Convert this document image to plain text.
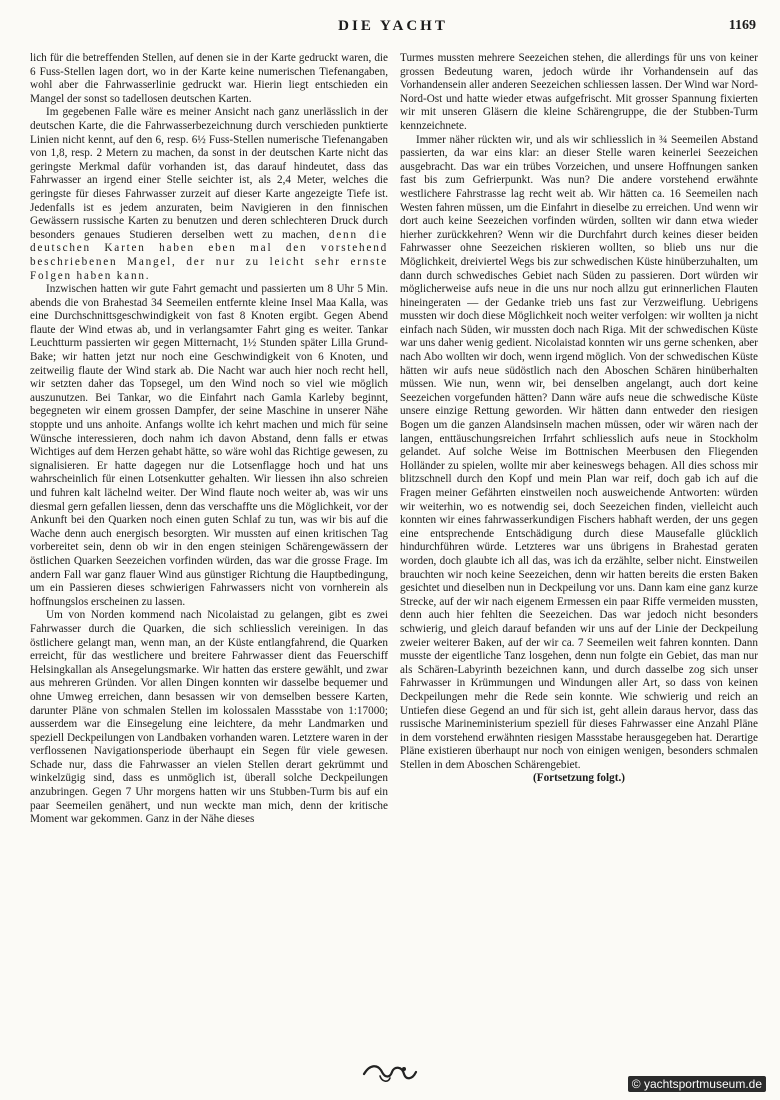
DIE YACHT	1169

lich für die betreffenden Stellen, auf denen sie in der Karte gedruckt waren, die 6 Fuss-Stellen lagen dort, wo in der Karte keine numerischen Tiefenangaben, wohl aber die Fahrwasserlinie gedruckt war. Hierin liegt entschieden ein Mangel der sonst so tadellosen deutschen Karten.

Im gegebenen Falle wäre es meiner Ansicht nach ganz unerlässlich in der deutschen Karte, die die Fahrwasserbezeichnung durch verschieden punktierte Linien nicht kennt, auf den 6, resp. 6½ Fuss-Stellen numerische Tiefenangaben von 1,8, resp. 2 Metern zu machen, da sonst in der deutschen Karte nicht das geringste Merkmal dafür vorhanden ist, das darauf hindeutet, dass das Fahrwasser an irgend einer Stelle seichter ist, als 2,4 Meter, welches die geringste für dieses Fahrwasser zurzeit auf dieser Karte angezeigte Tiefe ist. Jedenfalls ist es jedem anzuraten, beim Navigieren in den finnischen Gewässern russische Karten zu benutzen und deren schlechteren Druck durch besonders genaues Studieren derselben wett zu machen, denn die deutschen Karten haben eben mal den vorstehend beschriebenen Mangel, der nur zu leicht sehr ernste Folgen haben kann.

Inzwischen hatten wir gute Fahrt gemacht und passierten um 8 Uhr 5 Min. abends die von Brahestad 34 Seemeilen entfernte kleine Insel Maa Kalla, was eine Durchschnittsgeschwindigkeit von fast 8 Knoten ergibt. Gegen Abend flaute der Wind etwas ab, und in verlangsamter Fahrt ging es weiter. Tankar Leuchtturm passierten wir gegen Mitternacht, 1½ Stunden später Lilla Grund-Bake; wir hatten jetzt nur noch eine Geschwindigkeit von 6 Knoten, und zeitweilig flaute der Wind stark ab. Die Nacht war auch hier noch recht hell, wir setzten daher das Topsegel, um den Wind noch so viel wie möglich auszunutzen. Bei Tankar, wo die Einfahrt nach Gamla Karleby beginnt, begegneten wir einem grossen Dampfer, der seine Maschine in unserer Nähe stoppte und uns anhoite. Anfangs wollte ich kehrt machen und mich für seine Wünsche interessieren, doch nahm ich davon Abstand, denn falls er etwas Wichtiges auf dem Herzen gehabt hätte, so wäre wohl das Richtige gewesen, zu signalisieren. Er hatte dagegen nur die Lotsenflagge hoch und hat uns wahrscheinlich für einen Lotsenkutter gehalten. Wir liessen ihn also schreien und fuhren kalt lächelnd weiter. Der Wind flaute noch weiter ab, was wir uns diesmal gern gefallen liessen, denn das verschaffte uns die Möglichkeit, vor der Ankunft bei den Quarken noch einen guten Schlaf zu tun, was wir bis auf die Wache denn auch energisch besorgten. Wir mussten auf einen kritischen Tag vorbereitet sein, denn ob wir in den engen steinigen Schärengewässern der östlichen Quarken Seezeichen vorfinden würden, das war die grosse Frage. Im andern Fall war ganz flauer Wind aus günstiger Richtung die Hauptbedingung, um ein Passieren dieses schwierigen Fahrwassers nicht von vornherein als hoffnungslos erscheinen zu lassen.

Um von Norden kommend nach Nicolaistad zu gelangen, gibt es zwei Fahrwasser durch die Quarken, die sich schliesslich vereinigen. In das östlichere gelangt man, wenn man, an der Küste entlangfahrend, die Quarken erreicht, für das westlichere und breitere Fahrwasser dient das Feuerschiff Helsingkallan als Ansegelungsmarke. Wir hatten das erstere gewählt, und zwar aus mehreren Gründen. Vor allen Dingen konnten wir dasselbe bequemer und ohne Umweg erreichen, dann besassen wir von demselben bessere Karten, darunter Pläne von schmalen Stellen im kolossalen Massstabe von 1:17000; ausserdem war die Einsegelung eine leichtere, da mehr Landmarken und speziell Deckpeilungen von Landbaken vorhanden waren. Letztere waren in der verflossenen Navigationsperiode überhaupt ein Segen für viele gewesen. Schade nur, dass die Fahrwasser an vielen Stellen derart gekrümmt und winkelzügig sind, dass es unmöglich ist, überall solche Deckpeilungen anzubringen. Gegen 7 Uhr morgens hatten wir uns Stubben-Turm bis auf ein paar Seemeilen genähert, und nun weckte man mich, denn der kritische Moment war gekommen. Ganz in der Nähe dieses

Turmes mussten mehrere Seezeichen stehen, die allerdings für uns von keiner grossen Bedeutung waren, jedoch würde ihr Vorhandensein auf das Vorhandensein aller anderen Seezeichen schliessen lassen. Der Wind war Nord-Nord-Ost und hatte wieder etwas aufgefrischt. Mit grosser Spannung fixierten wir mit unseren Gläsern die kleine Schärengruppe, die der Stubben-Turm kennzeichnete.

Immer näher rückten wir, und als wir schliesslich in ¾ Seemeilen Abstand passierten, da war eins klar: an dieser Stelle waren keinerlei Seezeichen ausgebracht. Das war ein trübes Vorzeichen, und unsere Hoffnungen sanken fast bis zum Gefrierpunkt. Was nun? Die andere vorstehend erwähnte westlichere Fahrstrasse lag recht weit ab. Wir hätten ca. 16 Seemeilen nach Westen fahren müssen, um die Einfahrt in dieselbe zu erreichen. Und wenn wir dort auch keine Seezeichen vorfinden würden, sollten wir dann etwa wieder hierher zurückkehren? Wenn wir die Durchfahrt durch keines dieser beiden Fahrwasser ohne Seezeichen riskieren wollten, so blieb uns nur die Möglichkeit, dreiviertel Wegs bis zur schwedischen Küste hinüberzuhalten, um dann durch schwedisches Gebiet nach Süden zu passieren. Dort würden wir möglicherweise aufs neue in die uns nur noch allzu gut erinnerlichen Flauten hineingeraten — der Gedanke trieb uns fast zur Verzweiflung. Uebrigens mussten wir doch diese Möglichkeit noch weiter verfolgen: wir wollten ja nicht einfach nach Süden, wir mussten doch nach Riga. Mit der schwedischen Küste war uns daher wenig gedient. Nicolaistad konnten wir uns gerne schenken, aber nach Abo wollten wir doch, wenn irgend möglich. Von der schwedischen Küste hätten wir aufs neue südöstlich nach den Aboschen Schären hinüberhalten müssen. Wie nun, wenn wir, bei denselben angelangt, auch dort keine Seezeichen vorgefunden hätten? Dann wäre aufs neue die schwedische Küste unsere einzige Rettung geworden. Wir hätten dann entweder den riesigen Bogen um die ganzen Alandsinseln machen müssen, oder wir wären nach der langen, enttäuschungsreichen Irrfahrt schliesslich aufs neue in Stockholm gelandet. Auf solche Weise im Bottnischen Meerbusen den Fliegenden Holländer zu spielen, wollte mir aber keineswegs behagen. All dies schoss mir blitzschnell durch den Kopf und mein Plan war reif, doch gab ich auf die Fragen meiner Gefährten einstweilen noch ausweichende Antworten: würden wir weiterhin, wo es notwendig sei, doch Seezeichen finden, vielleicht auch konnten wir eines fahrwasserkundigen Fischers habhaft werden, der uns gegen eine entsprechende Entschädigung durch diese Mausefalle glücklich hindurchführen würde. Letzteres war uns übrigens in Brahestad geraten worden, doch glaubte ich all das, was ich da erzählte, selber nicht. Einstweilen brauchten wir noch keine Seezeichen, denn wir hatten bereits die ersten Baken gesichtet und dieselben nun in Deckpeilung vor uns. Dann kam eine ganz kurze Strecke, auf der wir nach eigenem Ermessen ein paar Riffe vermeiden mussten, denn auch hier fehlten die Seezeichen. Das war jedoch nicht besonders schwierig, und gleich darauf befanden wir uns auf der Linie der Deckpeilung zweier weiterer Baken, auf der wir ca. 7 Seemeilen weit fahren konnten. Dann musste der eigentliche Tanz losgehen, denn nun folgte ein Gebiet, das man nur als Schären-Labyrinth bezeichnen kann, und durch dasselbe zog sich unser Fahrwasser in Krümmungen und Windungen aller Art, so dass von keinen Deckpeilungen mehr die Rede sein konnte. Wie schwierig und reich an Untiefen diese Gegend an und für sich ist, geht allein daraus hervor, dass das russische Marineministerium speziell für dieses Fahrwasser eine Anzahl Pläne in dem vorstehend erwähnten riesigen Massstabe herausgegeben hat. Derartige Pläne existieren überhaupt nur noch von einigen wenigen, besonders schmalen Stellen in dem Aboschen Schärengebiet.

(Fortsetzung folgt.)

© yachtsportmuseum.de
